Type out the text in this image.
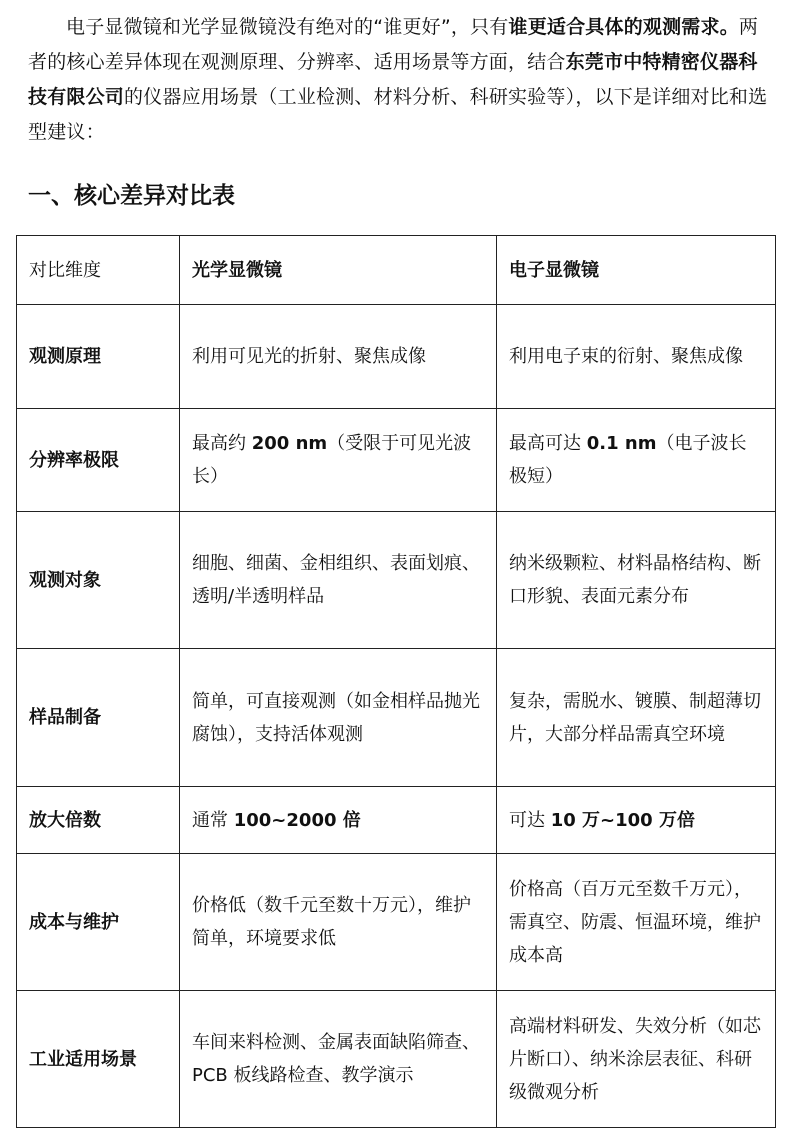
电子显微镜和光学显微镜没有绝对的“谁更好”，只有谁更适合具体的观测需求。两者的核心差异体现在观测原理、分辨率、适用场景等方面，结合东莞市中特精密仪器科技有限公司的仪器应用场景（工业检测、材料分析、科研实验等），以下是详细对比和选型建议：

一、核心差异对比表
对比维度	光学显微镜	电子显微镜
观测原理	利用可见光的折射、聚焦成像	利用电子束的衍射、聚焦成像
分辨率极限	最高约 200 nm（受限于可见光波长）	最高可达 0.1 nm（电子波长极短）
观测对象	细胞、细菌、金相组织、表面划痕、透明/半透明样品	纳米级颗粒、材料晶格结构、断口形貌、表面元素分布
样品制备	简单，可直接观测（如金相样品抛光腐蚀），支持活体观测	复杂，需脱水、镀膜、制超薄切片，大部分样品需真空环境
放大倍数	通常 100~2000 倍	可达 10 万~100 万倍
成本与维护	价格低（数千元至数十万元），维护简单，环境要求低	价格高（百万元至数千万元），需真空、防震、恒温环境，维护成本高
工业适用场景	车间来料检测、金属表面缺陷筛查、PCB 板线路检查、教学演示	高端材料研发、失效分析（如芯片断口）、纳米涂层表征、科研级微观分析
